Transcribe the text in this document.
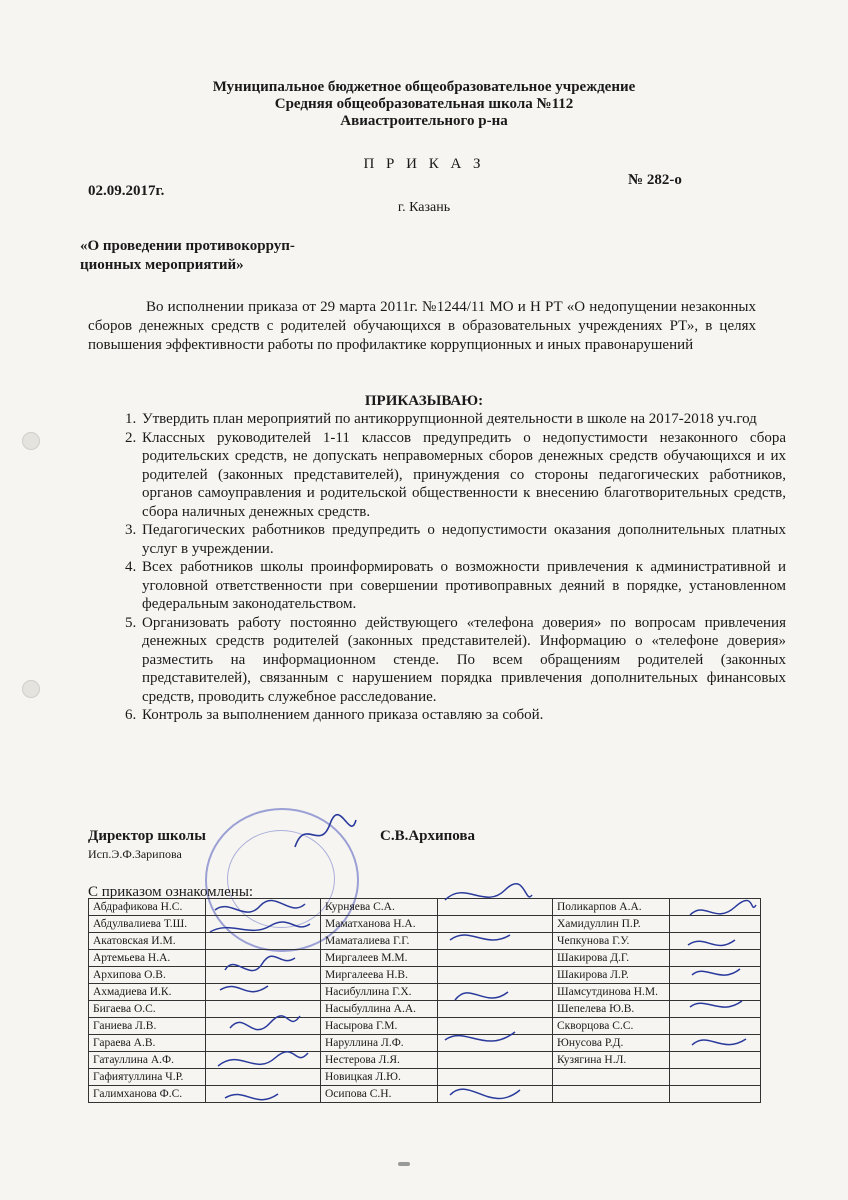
Муниципальное бюджетное общеобразовательное учреждение
Средняя общеобразовательная школа №112
Авиастроительного р-на
П Р И К А З
02.09.2017г.
№ 282-о
г. Казань
«О проведении противокорруп-
ционных мероприятий»
Во исполнении приказа от 29 марта 2011г. №1244/11 МО и Н РТ «О недопущении незаконных сборов денежных средств с родителей обучающихся в образовательных учреждениях РТ», в целях повышения эффективности работы по профилактике коррупционных и иных правонарушений
ПРИКАЗЫВАЮ:
1. Утвердить план мероприятий по антикоррупционной деятельности в школе на 2017-2018 уч.год
2. Классных руководителей 1-11 классов предупредить о недопустимости незаконного сбора родительских средств, не допускать неправомерных сборов денежных средств обучающихся и их родителей (законных представителей), принуждения со стороны педагогических работников, органов самоуправления и родительской общественности к внесению благотворительных средств, сбора наличных денежных средств.
3. Педагогических работников предупредить о недопустимости оказания дополнительных платных услуг в учреждении.
4. Всех работников школы проинформировать о возможности привлечения к административной и уголовной ответственности при совершении противоправных деяний в порядке, установленном федеральным законодательством.
5. Организовать работу постоянно действующего «телефона доверия» по вопросам привлечения денежных средств родителей (законных представителей). Информацию о «телефоне доверия» разместить на информационном стенде. По всем обращениям родителей (законных представителей), связанным с нарушением порядка привлечения дополнительных финансовых средств, проводить служебное расследование.
6. Контроль за выполнением данного приказа оставляю за собой.
Директор школы	С.В.Архипова
Исп.Э.Ф.Зарипова
С приказом ознакомлены:
Абдрафикова Н.С.		Курняева С.А.		Поликарпов А.А.	
Абдулвалиева Т.Ш.		Маматханова Н.А.		Хамидуллин П.Р.	
Акатовская И.М.		Маматалиева Г.Г.		Чепкунова Г.У.	
Артемьева Н.А.		Миргалеев М.М.		Шакирова Д.Г.	
Архипова О.В.		Миргалеева Н.В.		Шакирова Л.Р.	
Ахмадиева И.К.		Насибуллина Г.Х.		Шамсутдинова Н.М.	
Бигаева О.С.		Насыбуллина А.А.		Шепелева Ю.В.	
Ганиева Л.В.		Насырова Г.М.		Скворцова С.С.	
Гараева А.В.		Наруллина Л.Ф.		Юнусова Р.Д.	
Гатауллина А.Ф.		Нестерова Л.Я.		Кузягина Н.Л.	
Гафиятуллина Ч.Р.		Новицкая Л.Ю.			
Галимханова Ф.С.		Осипова С.Н.			
